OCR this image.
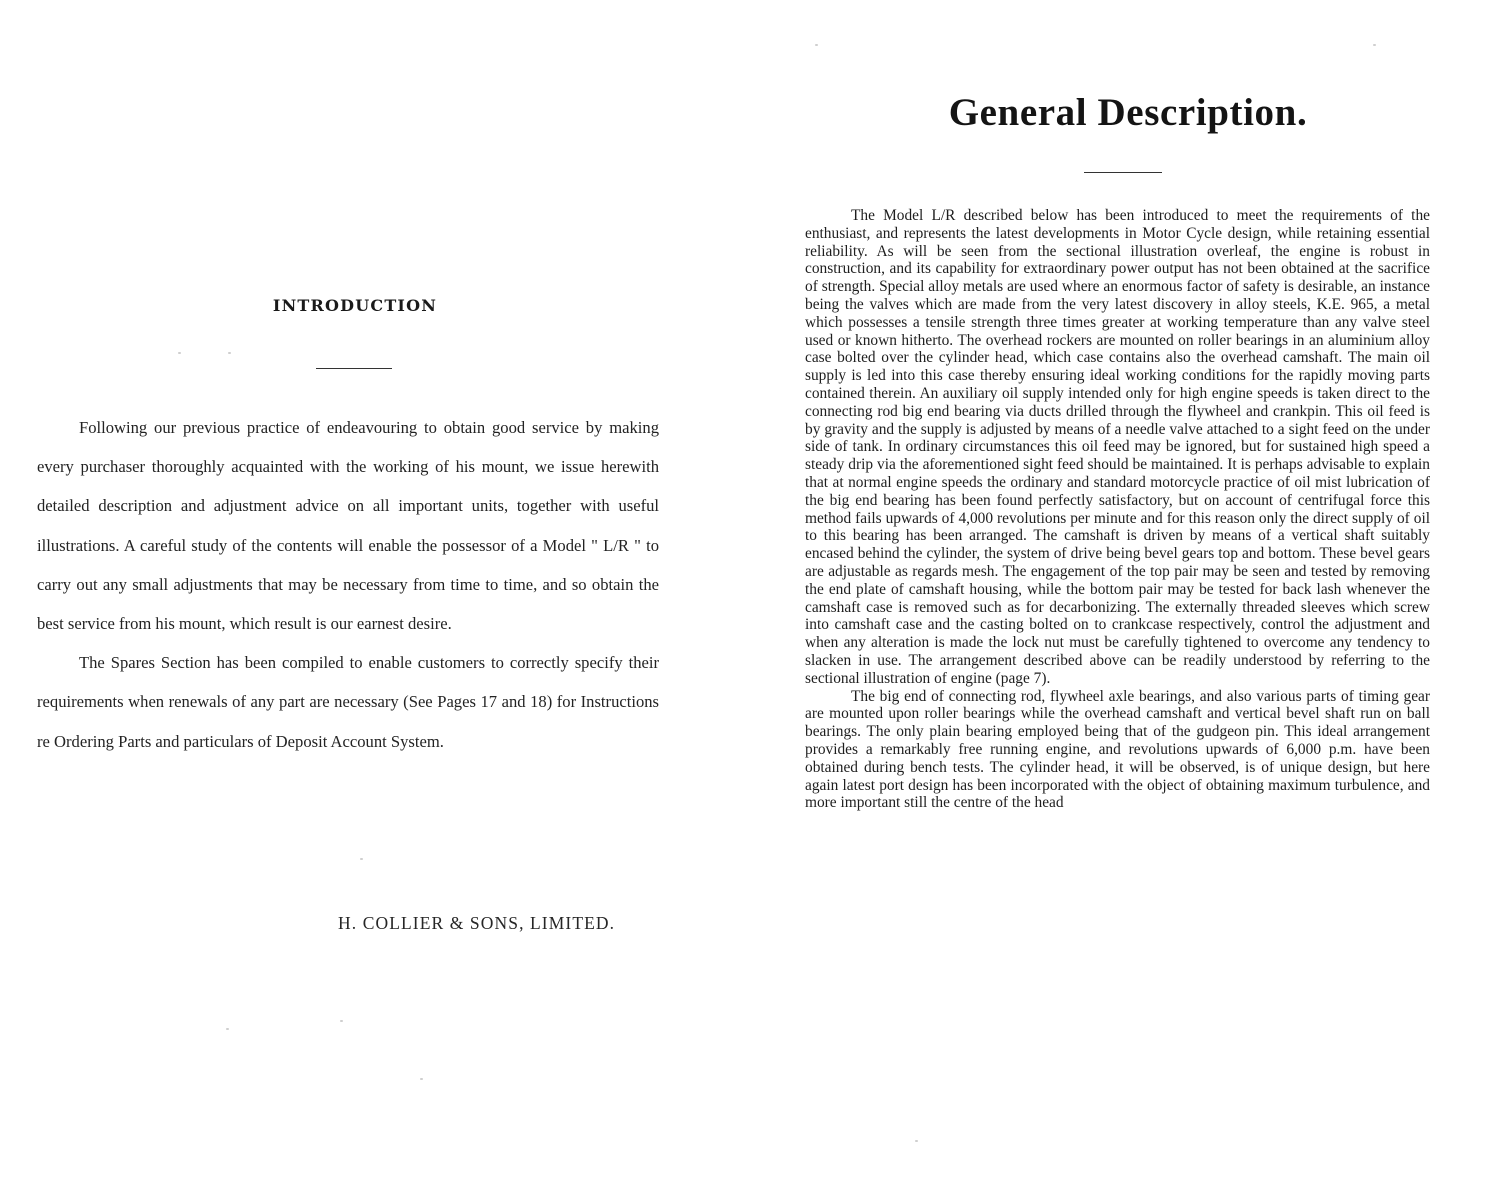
INTRODUCTION

Following our previous practice of endeavouring to obtain good service by making every purchaser thoroughly acquainted with the working of his mount, we issue herewith detailed description and adjustment advice on all important units, together with useful illustrations. A careful study of the contents will enable the possessor of a Model " L/R " to carry out any small adjustments that may be necessary from time to time, and so obtain the best service from his mount, which result is our earnest desire.

The Spares Section has been compiled to enable customers to correctly specify their requirements when renewals of any part are necessary (See Pages 17 and 18) for Instructions re Ordering Parts and particulars of Deposit Account System.

H. COLLIER & SONS, LIMITED.
General Description.

The Model L/R described below has been introduced to meet the requirements of the enthusiast, and represents the latest developments in Motor Cycle design, while retaining essential reliability. As will be seen from the sectional illustration overleaf, the engine is robust in construction, and its capability for extraordinary power output has not been obtained at the sacrifice of strength. Special alloy metals are used where an enormous factor of safety is desirable, an instance being the valves which are made from the very latest discovery in alloy steels, K.E. 965, a metal which possesses a tensile strength three times greater at working temperature than any valve steel used or known hitherto. The overhead rockers are mounted on roller bearings in an aluminium alloy case bolted over the cylinder head, which case contains also the overhead camshaft. The main oil supply is led into this case thereby ensuring ideal working conditions for the rapidly moving parts contained therein. An auxiliary oil supply intended only for high engine speeds is taken direct to the connecting rod big end bearing via ducts drilled through the flywheel and crankpin. This oil feed is by gravity and the supply is adjusted by means of a needle valve attached to a sight feed on the under side of tank. In ordinary circumstances this oil feed may be ignored, but for sustained high speed a steady drip via the aforementioned sight feed should be maintained. It is perhaps advisable to explain that at normal engine speeds the ordinary and standard motorcycle practice of oil mist lubrication of the big end bearing has been found perfectly satisfactory, but on account of centrifugal force this method fails upwards of 4,000 revolutions per minute and for this reason only the direct supply of oil to this bearing has been arranged. The camshaft is driven by means of a vertical shaft suitably encased behind the cylinder, the system of drive being bevel gears top and bottom. These bevel gears are adjustable as regards mesh. The engagement of the top pair may be seen and tested by removing the end plate of camshaft housing, while the bottom pair may be tested for back lash whenever the camshaft case is removed such as for decarbonizing. The externally threaded sleeves which screw into camshaft case and the casting bolted on to crankcase respectively, control the adjustment and when any alteration is made the lock nut must be carefully tightened to overcome any tendency to slacken in use. The arrangement described above can be readily understood by referring to the sectional illustration of engine (page 7).

The big end of connecting rod, flywheel axle bearings, and also various parts of timing gear are mounted upon roller bearings while the overhead camshaft and vertical bevel shaft run on ball bearings. The only plain bearing employed being that of the gudgeon pin. This ideal arrangement provides a remarkably free running engine, and revolutions upwards of 6,000 p.m. have been obtained during bench tests. The cylinder head, it will be observed, is of unique design, but here again latest port design has been incorporated with the object of obtaining maximum turbulence, and more important still the centre of the head
